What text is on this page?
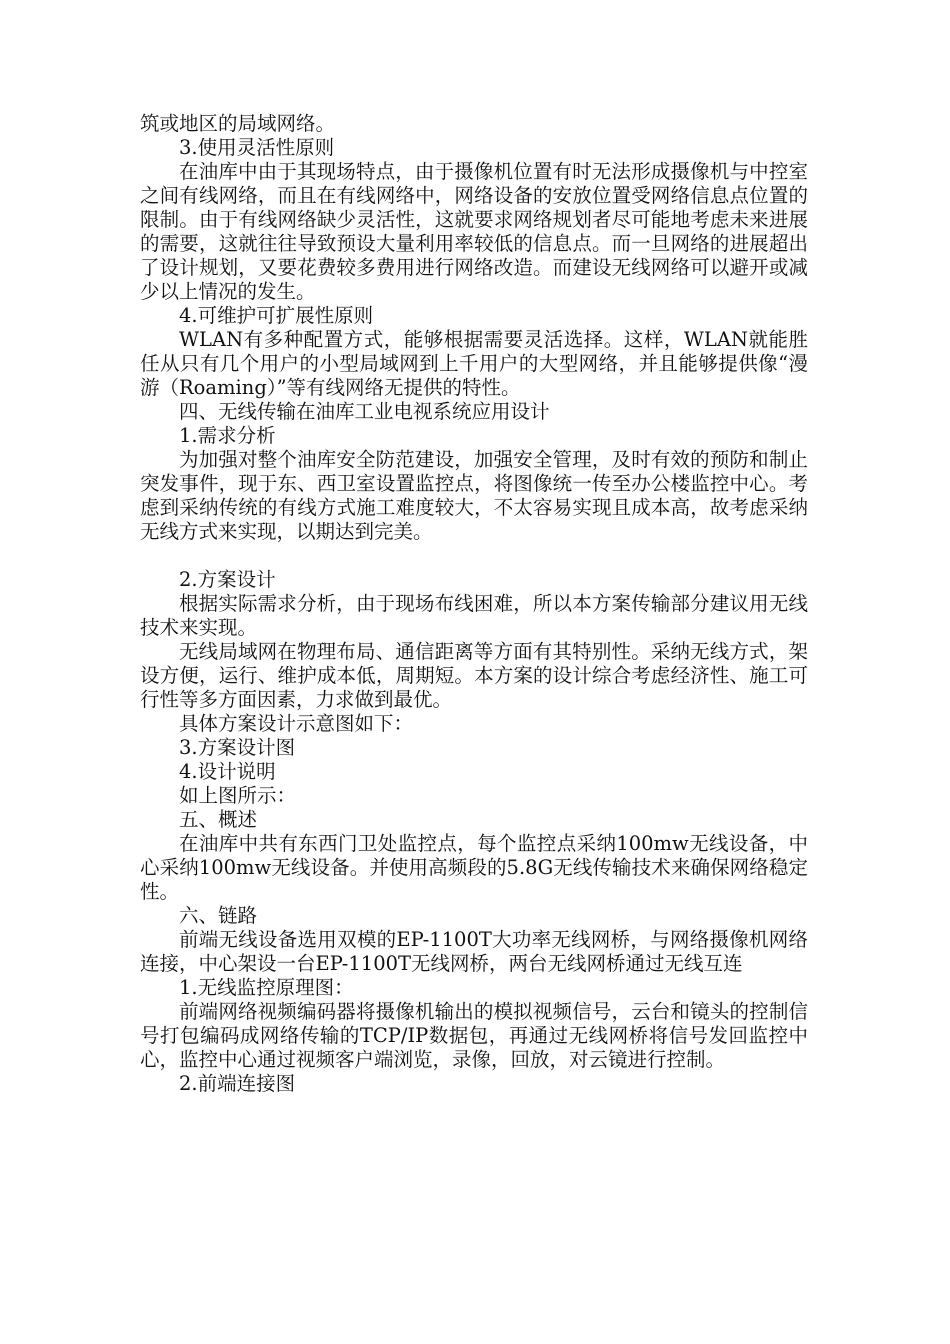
筑或地区的局域网络。

3.使用灵活性原则

在油库中由于其现场特点，由于摄像机位置有时无法形成摄像机与中控室之间有线网络，而且在有线网络中，网络设备的安放位置受网络信息点位置的限制。由于有线网络缺少灵活性，这就要求网络规划者尽可能地考虑未来进展的需要，这就往往导致预设大量利用率较低的信息点。而一旦网络的进展超出了设计规划，又要花费较多费用进行网络改造。而建设无线网络可以避开或减少以上情况的发生。

4.可维护可扩展性原则

WLAN有多种配置方式，能够根据需要灵活选择。这样，WLAN就能胜任从只有几个用户的小型局域网到上千用户的大型网络，并且能够提供像“漫游（Roaming）”等有线网络无提供的特性。

四、无线传输在油库工业电视系统应用设计

1.需求分析

为加强对整个油库安全防范建设，加强安全管理，及时有效的预防和制止突发事件，现于东、西卫室设置监控点，将图像统一传至办公楼监控中心。考虑到采纳传统的有线方式施工难度较大，不太容易实现且成本高，故考虑采纳无线方式来实现，以期达到完美。

2.方案设计

根据实际需求分析，由于现场布线困难，所以本方案传输部分建议用无线技术来实现。

无线局域网在物理布局、通信距离等方面有其特别性。采纳无线方式，架设方便，运行、维护成本低，周期短。本方案的设计综合考虑经济性、施工可行性等多方面因素，力求做到最优。

具体方案设计示意图如下：

3.方案设计图

4.设计说明

如上图所示：

五、概述

在油库中共有东西门卫处监控点，每个监控点采纳100mw无线设备，中心采纳100mw无线设备。并使用高频段的5.8G无线传输技术来确保网络稳定性。

六、链路

前端无线设备选用双模的EP-1100T大功率无线网桥，与网络摄像机网络连接，中心架设一台EP-1100T无线网桥，两台无线网桥通过无线互连

1.无线监控原理图：

前端网络视频编码器将摄像机输出的模拟视频信号，云台和镜头的控制信号打包编码成网络传输的TCP/IP数据包，再通过无线网桥将信号发回监控中心，监控中心通过视频客户端浏览，录像，回放，对云镜进行控制。

2.前端连接图
